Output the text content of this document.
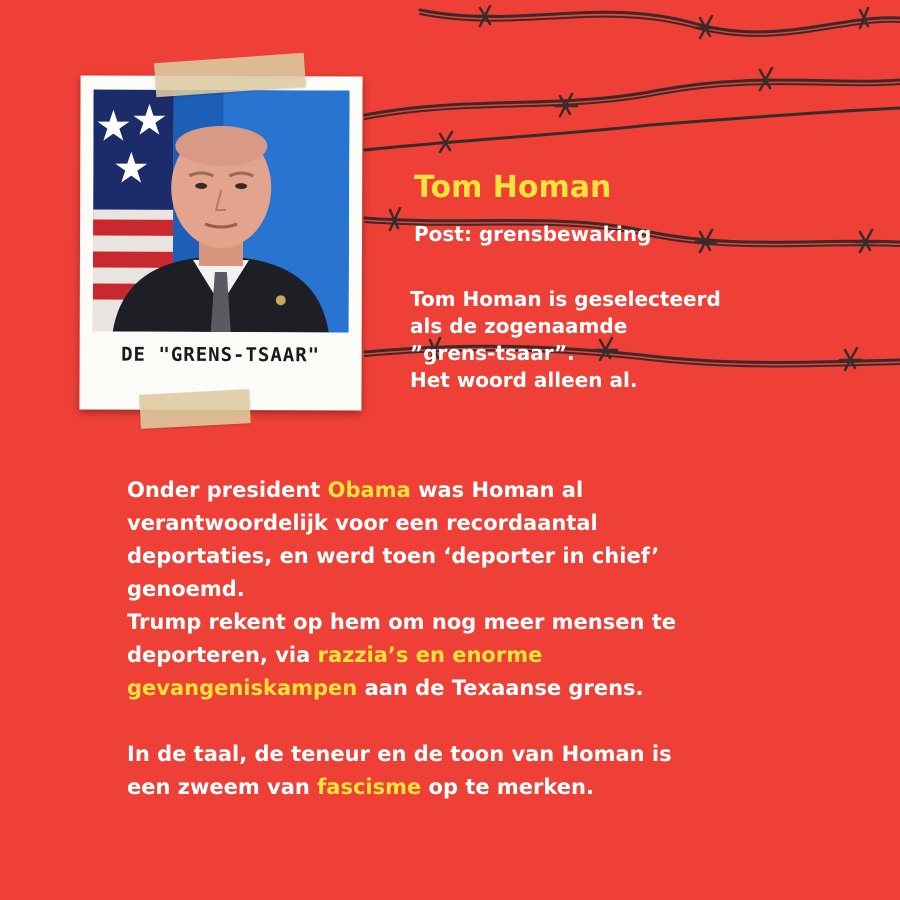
DE "GRENS-TSAAR"
Tom Homan
Post: grensbewaking
Tom Homan is geselecteerd
als de zogenaamde
”grens-tsaar”.
Het woord alleen al.
Onder president Obama was Homan al
verantwoordelijk voor een recordaantal
deportaties, en werd toen ‘deporter in chief’
genoemd.
Trump rekent op hem om nog meer mensen te
deporteren, via razzia’s en enorme
gevangeniskampen aan de Texaanse grens.
In de taal, de teneur en de toon van Homan is
een zweem van fascisme op te merken.
